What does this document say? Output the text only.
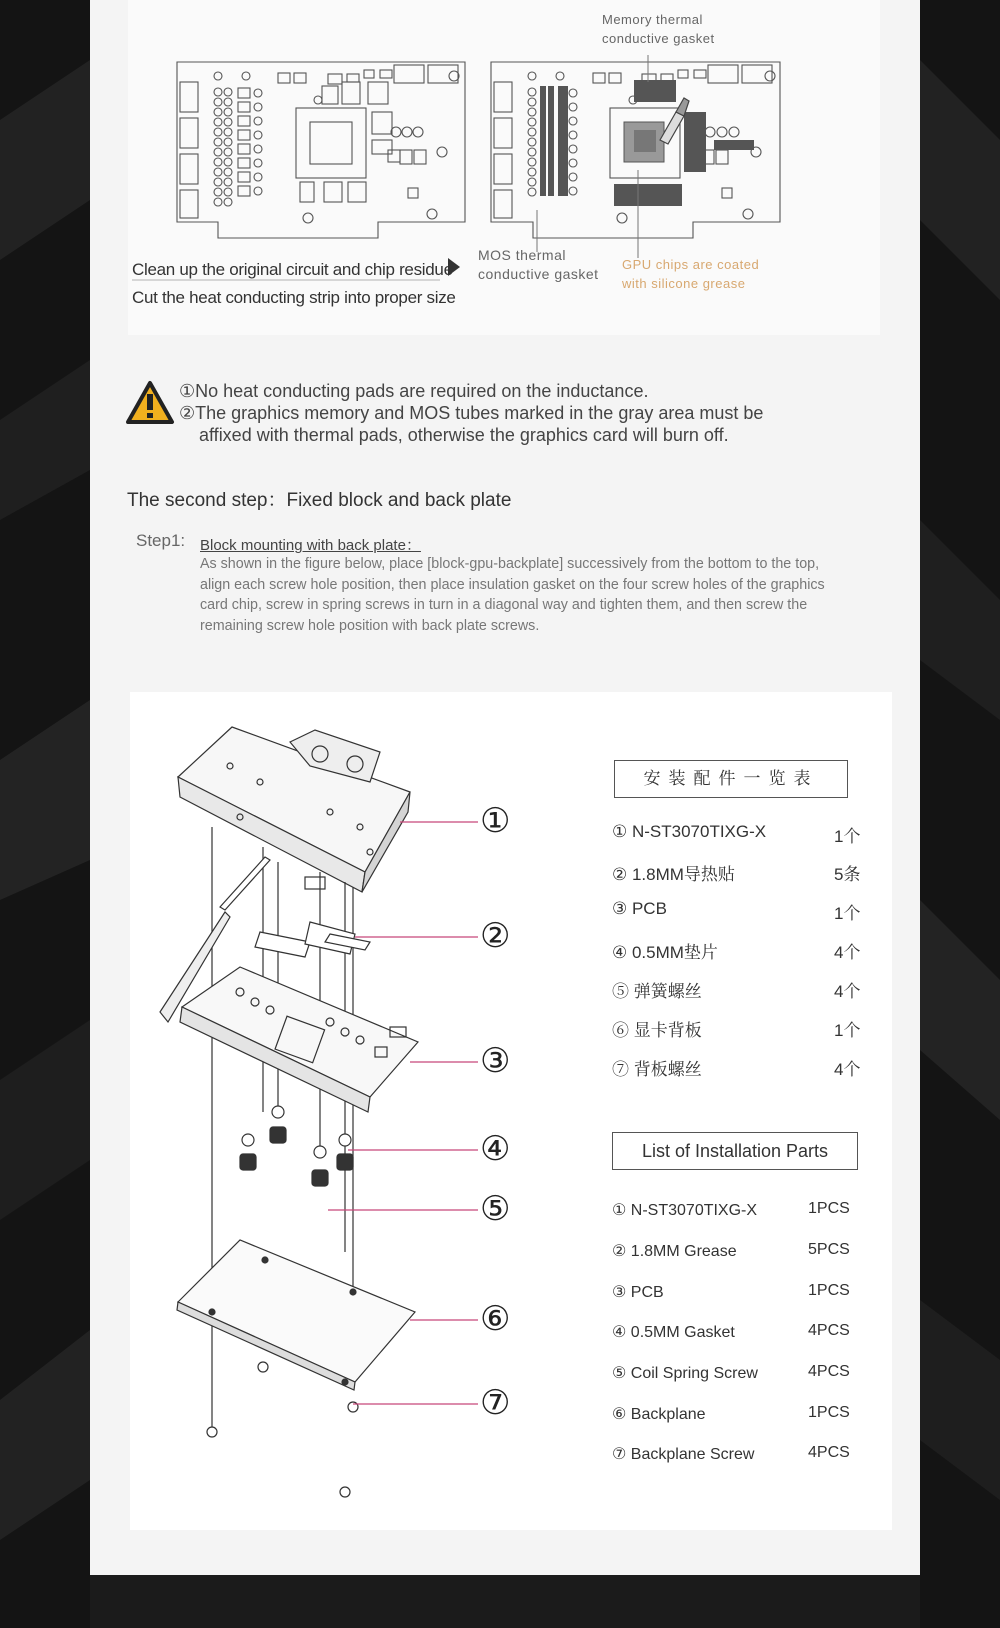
Memory thermal
conductive gasket
MOS thermal
conductive gasket
GPU chips are coated
with silicone grease
Clean up the original circuit and chip residue
Cut the heat conducting strip into proper size
①No heat conducting pads are required on the inductance.
②The graphics memory and MOS tubes marked in the gray area must be
affixed with thermal pads, otherwise the graphics card will burn off.
The second step：Fixed block and back plate
Step1: Block mounting with back plate：
As shown in the figure below, place [block-gpu-backplate] successively from the bottom to the top, align each screw hole position, then place insulation gasket on the four screw holes of the graphics card chip, screw in spring screws in turn in a diagonal way and tighten them, and then screw the remaining screw hole position with back plate screws.
①
②
③
④
⑤
⑥
⑦
安装配件一览表
① N-ST3070TIXG-X	1个
② 1.8MM导热贴	5条
③ PCB	1个
④ 0.5MM垫片	4个
⑤ 弹簧螺丝	4个
⑥ 显卡背板	1个
⑦ 背板螺丝	4个
List of Installation Parts
① N-ST3070TIXG-X	1PCS
② 1.8MM Grease	5PCS
③ PCB	1PCS
④ 0.5MM Gasket	4PCS
⑤ Coil Spring Screw	4PCS
⑥ Backplane	1PCS
⑦ Backplane Screw	4PCS
